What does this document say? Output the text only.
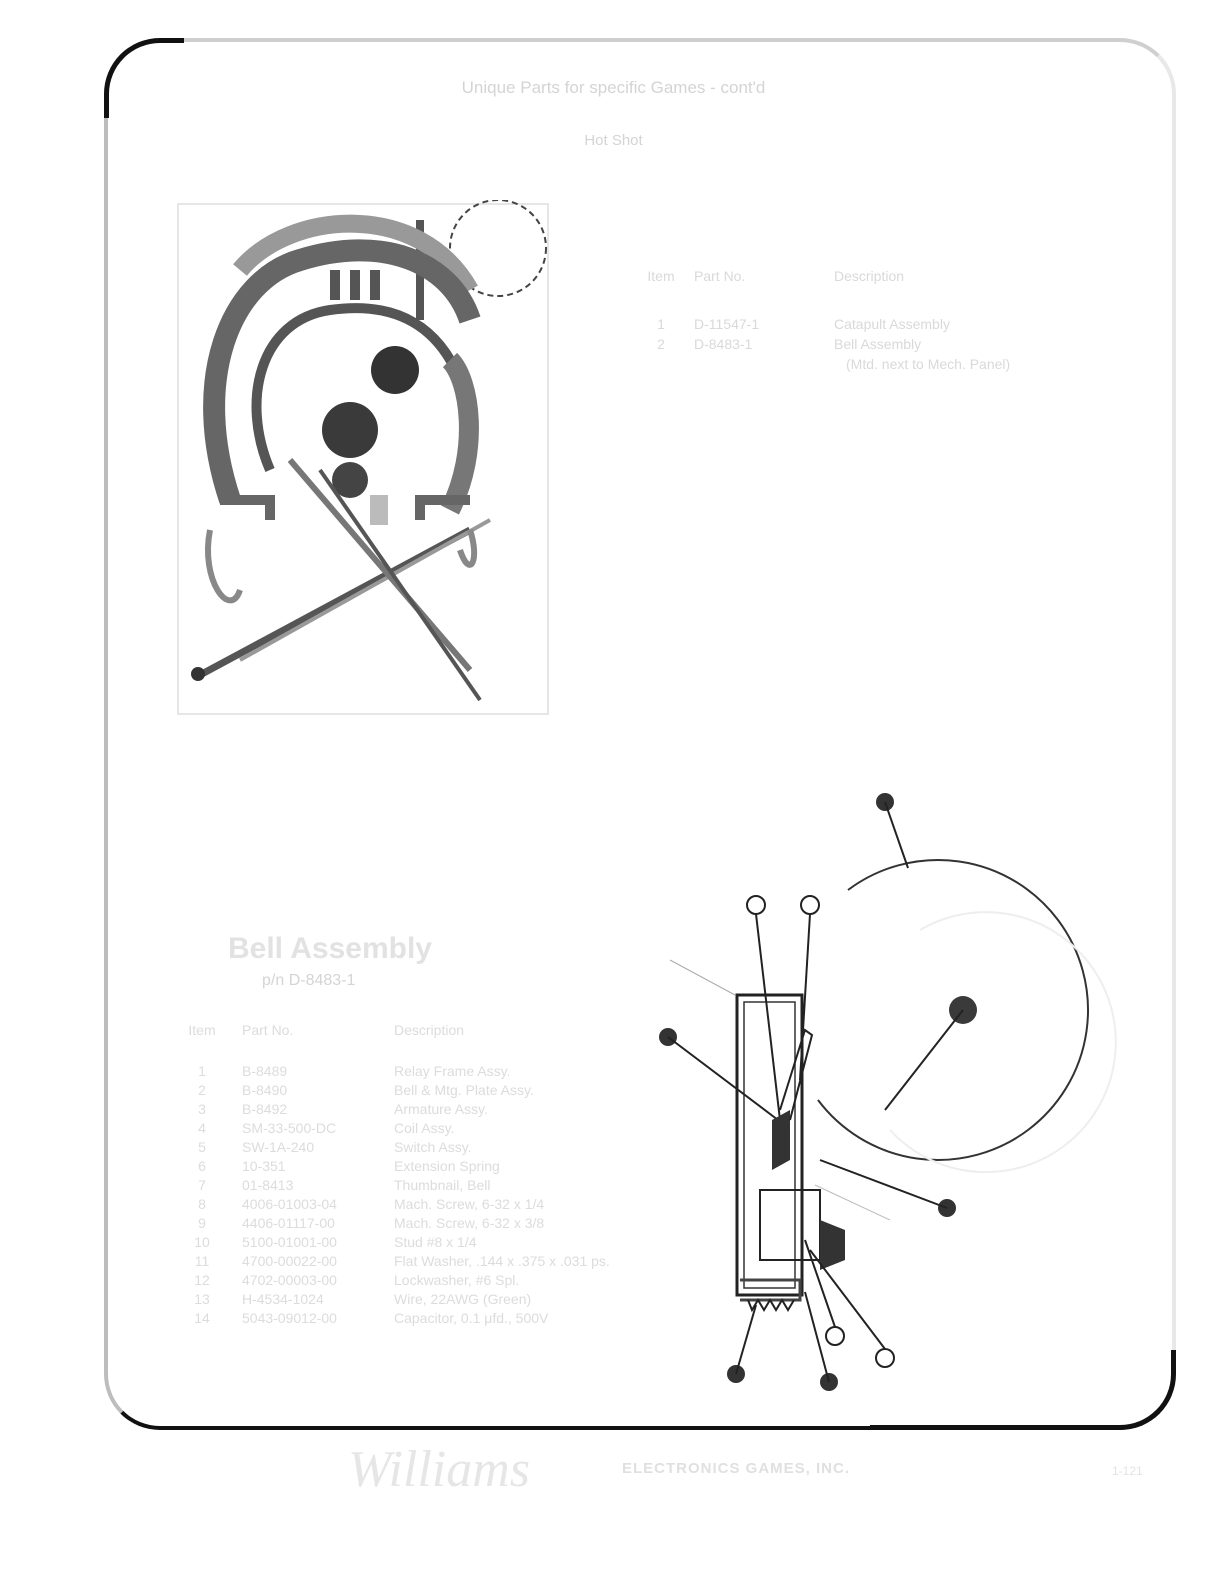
Unique Parts for specific Games - cont'd
Hot Shot
Item	Part No.	Description
1	D-11547-1	Catapult Assembly
2	D-8483-1	Bell Assembly
(Mtd. next to Mech. Panel)
Bell Assembly
p/n D-8483-1
Item	Part No.	Description
1	B-8489	Relay Frame Assy.
2	B-8490	Bell & Mtg. Plate Assy.
3	B-8492	Armature Assy.
4	SM-33-500-DC	Coil Assy.
5	SW-1A-240	Switch Assy.
6	10-351	Extension Spring
7	01-8413	Thumbnail, Bell
8	4006-01003-04	Mach. Screw, 6-32 x 1/4
9	4406-01117-00	Mach. Screw, 6-32 x 3/8
10	5100-01001-00	Stud #8 x 1/4
11	4700-00022-00	Flat Washer, .144 x .375 x .031 ps.
12	4702-00003-00	Lockwasher, #6 Spl.
13	H-4534-1024	Wire, 22AWG (Green)
14	5043-09012-00	Capacitor, 0.1 μfd., 500V
Williams	ELECTRONICS GAMES, INC.	1-121
